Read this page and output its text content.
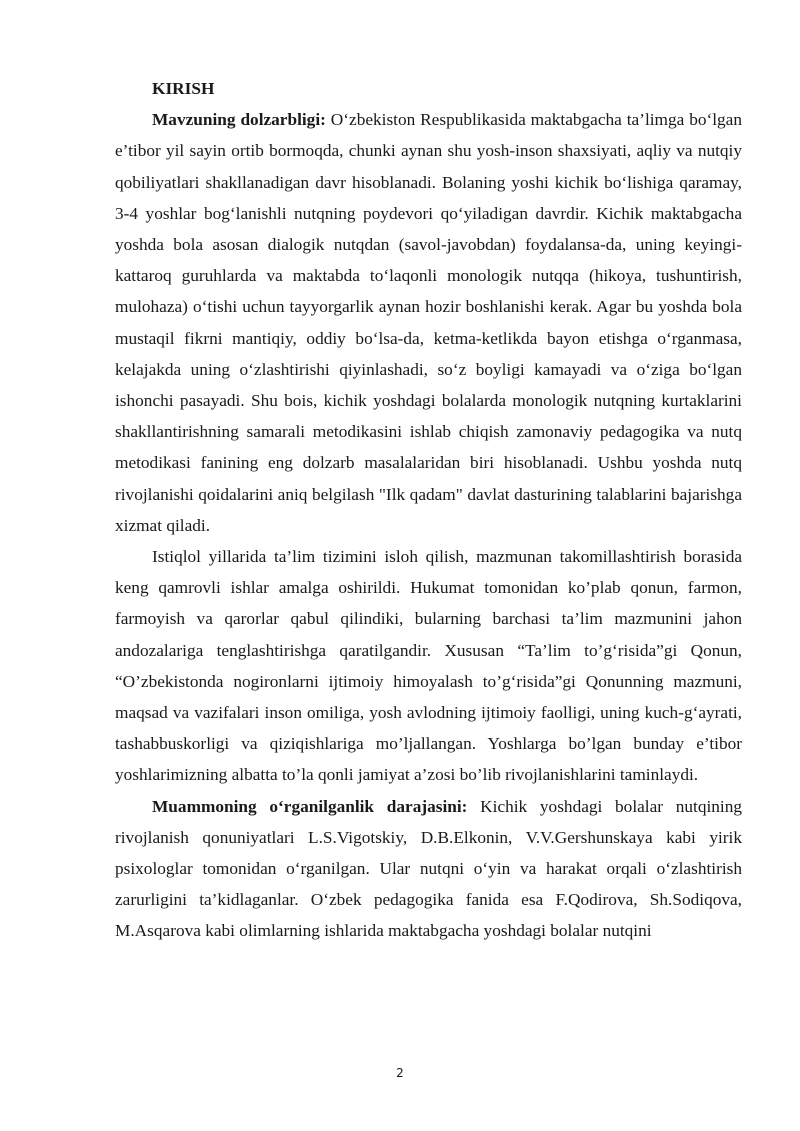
KIRISH

Mavzuning dolzarbligi: O‘zbekiston Respublikasida maktabgacha ta’limga bo‘lgan e’tibor yil sayin ortib bormoqda, chunki aynan shu yosh-inson shaxsiyati, aqliy va nutqiy qobiliyatlari shakllanadigan davr hisoblanadi. Bolaning yoshi kichik bo‘lishiga qaramay, 3-4 yoshlar bog‘lanishli nutqning poydevori qo‘yiladigan davrdir. Kichik maktabgacha yoshda bola asosan dialogik nutqdan (savol-javobdan) foydalansa-da, uning keyingi-kattaroq guruhlarda va maktabda to‘laqonli monologik nutqqa (hikoya, tushuntirish, mulohaza) o‘tishi uchun tayyorgarlik aynan hozir boshlanishi kerak. Agar bu yoshda bola mustaqil fikrni mantiqiy, oddiy bo‘lsa-da, ketma-ketlikda bayon etishga o‘rganmasa, kelajakda uning o‘zlashtirishi qiyinlashadi, so‘z boyligi kamayadi va o‘ziga bo‘lgan ishonchi pasayadi. Shu bois, kichik yoshdagi bolalarda monologik nutqning kurtaklarini shakllantirishning samarali metodikasini ishlab chiqish zamonaviy pedagogika va nutq metodikasi fanining eng dolzarb masalalaridan biri hisoblanadi. Ushbu yoshda nutq rivojlanishi qoidalarini aniq belgilash "Ilk qadam" davlat dasturining talablarini bajarishga xizmat qiladi.

Istiqlol yillarida ta’lim tizimini isloh qilish, mazmunan takomillashtirish borasida keng qamrovli ishlar amalga oshirildi. Hukumat tomonidan ko’plab qonun, farmon, farmoyish va qarorlar qabul qilindiki, bularning barchasi ta’lim mazmunini jahon andozalariga tenglashtirishga qaratilgandir. Xususan “Ta’lim to’g‘risida”gi Qonun, “O’zbekistonda nogironlarni ijtimoiy himoyalash to’g‘risida”gi Qonunning mazmuni, maqsad va vazifalari inson omiliga, yosh avlodning ijtimoiy faolligi, uning kuch-g‘ayrati, tashabbuskorligi va qiziqishlariga mo’ljallangan. Yoshlarga bo’lgan bunday e’tibor yoshlarimizning albatta to’la qonli jamiyat a’zosi bo’lib rivojlanishlarini taminlaydi.

Muammoning o‘rganilganlik darajasini: Kichik yoshdagi bolalar nutqining rivojlanish qonuniyatlari L.S.Vigotskiy, D.B.Elkonin, V.V.Gershunskaya kabi yirik psixologlar tomonidan o‘rganilgan. Ular nutqni o‘yin va harakat orqali o‘zlashtirish zarurligini ta’kidlaganlar. O‘zbek pedagogika fanida esa F.Qodirova, Sh.Sodiqova, M.Asqarova kabi olimlarning ishlarida maktabgacha yoshdagi bolalar nutqini

2
